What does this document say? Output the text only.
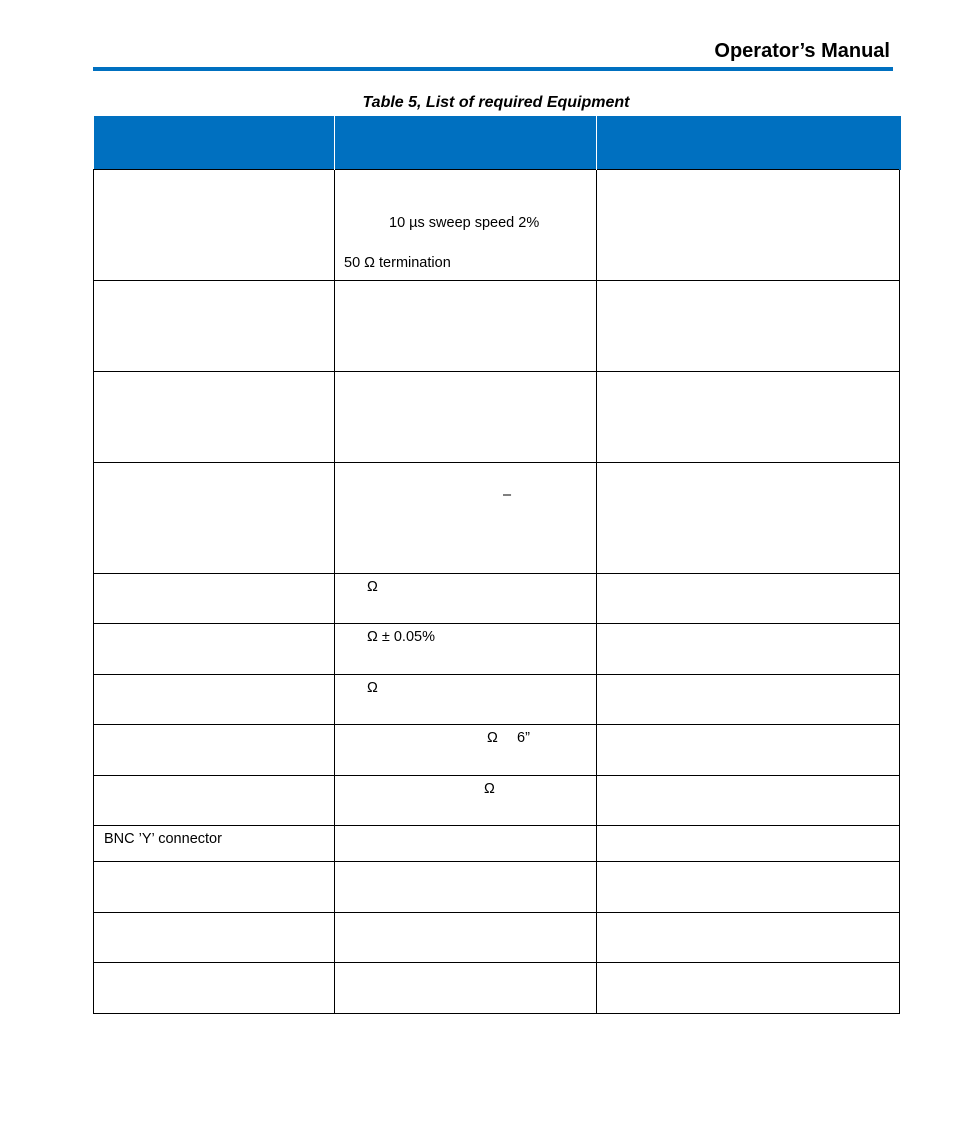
Operator’s Manual
Table 5, List of required Equipment

	10 µs sweep speed 2%
50 Ω termination	

	–	

	Ω	

	Ω ± 0.05%	

	Ω	

	Ω 6”	

	Ω	

BNC ’Y’ connector		
